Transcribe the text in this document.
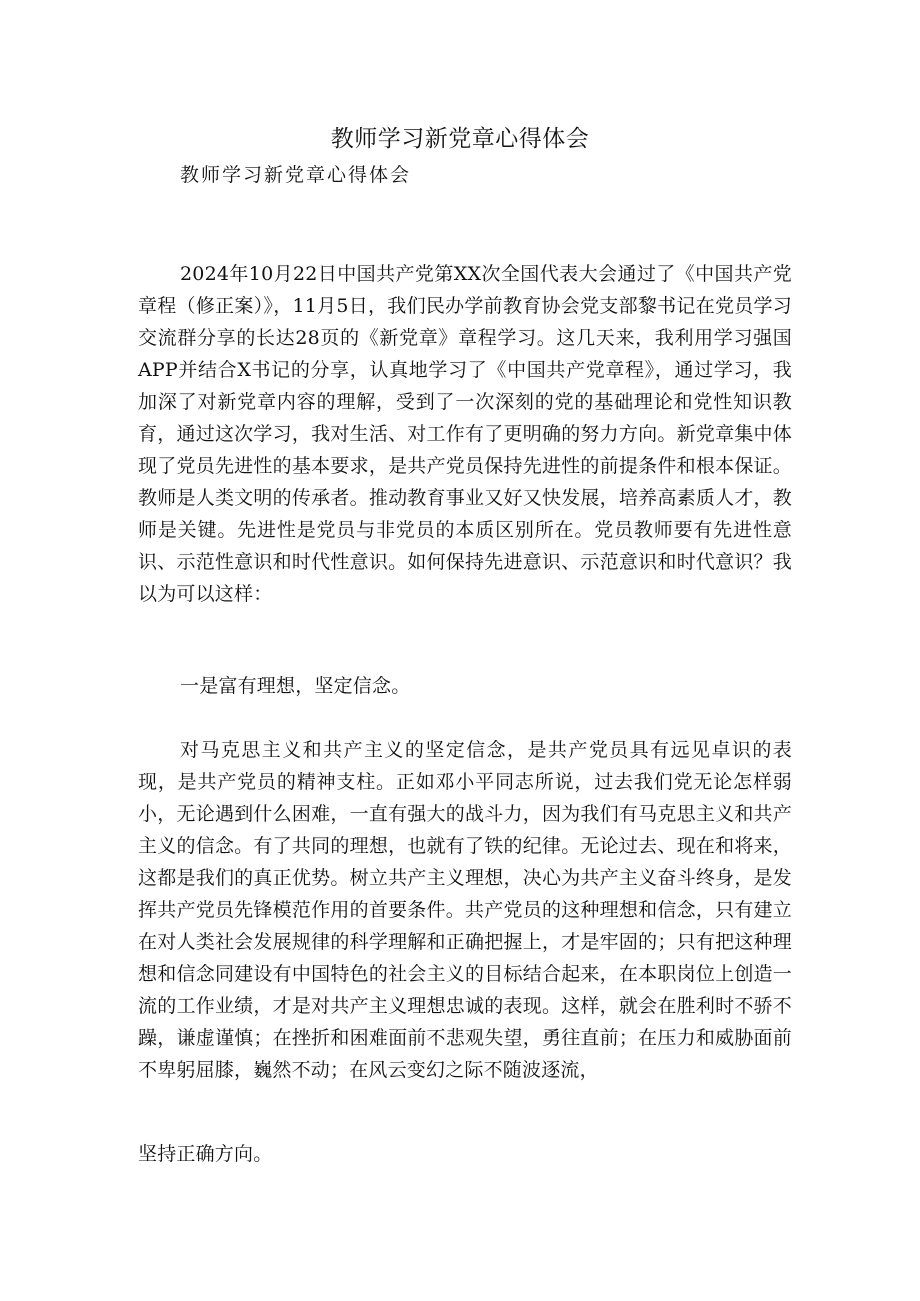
教师学习新党章心得体会
教师学习新党章心得体会

2024年10月22日中国共产党第XX次全国代表大会通过了《中国共产党章程（修正案）》，11月5日，我们民办学前教育协会党支部黎书记在党员学习交流群分享的长达28页的《新党章》章程学习。这几天来，我利用学习强国APP并结合X书记的分享，认真地学习了《中国共产党章程》，通过学习，我加深了对新党章内容的理解，受到了一次深刻的党的基础理论和党性知识教育，通过这次学习，我对生活、对工作有了更明确的努力方向。新党章集中体现了党员先进性的基本要求，是共产党员保持先进性的前提条件和根本保证。教师是人类文明的传承者。推动教育事业又好又快发展，培养高素质人才，教师是关键。先进性是党员与非党员的本质区别所在。党员教师要有先进性意识、示范性意识和时代性意识。如何保持先进意识、示范意识和时代意识？我以为可以这样：

一是富有理想，坚定信念。

对马克思主义和共产主义的坚定信念，是共产党员具有远见卓识的表现，是共产党员的精神支柱。正如邓小平同志所说，过去我们党无论怎样弱小，无论遇到什么困难，一直有强大的战斗力，因为我们有马克思主义和共产主义的信念。有了共同的理想，也就有了铁的纪律。无论过去、现在和将来，这都是我们的真正优势。树立共产主义理想，决心为共产主义奋斗终身，是发挥共产党员先锋模范作用的首要条件。共产党员的这种理想和信念，只有建立在对人类社会发展规律的科学理解和正确把握上，才是牢固的；只有把这种理想和信念同建设有中国特色的社会主义的目标结合起来，在本职岗位上创造一流的工作业绩，才是对共产主义理想忠诚的表现。这样，就会在胜利时不骄不躁，谦虚谨慎；在挫折和困难面前不悲观失望，勇往直前；在压力和威胁面前不卑躬屈膝，巍然不动；在风云变幻之际不随波逐流，

坚持正确方向。
